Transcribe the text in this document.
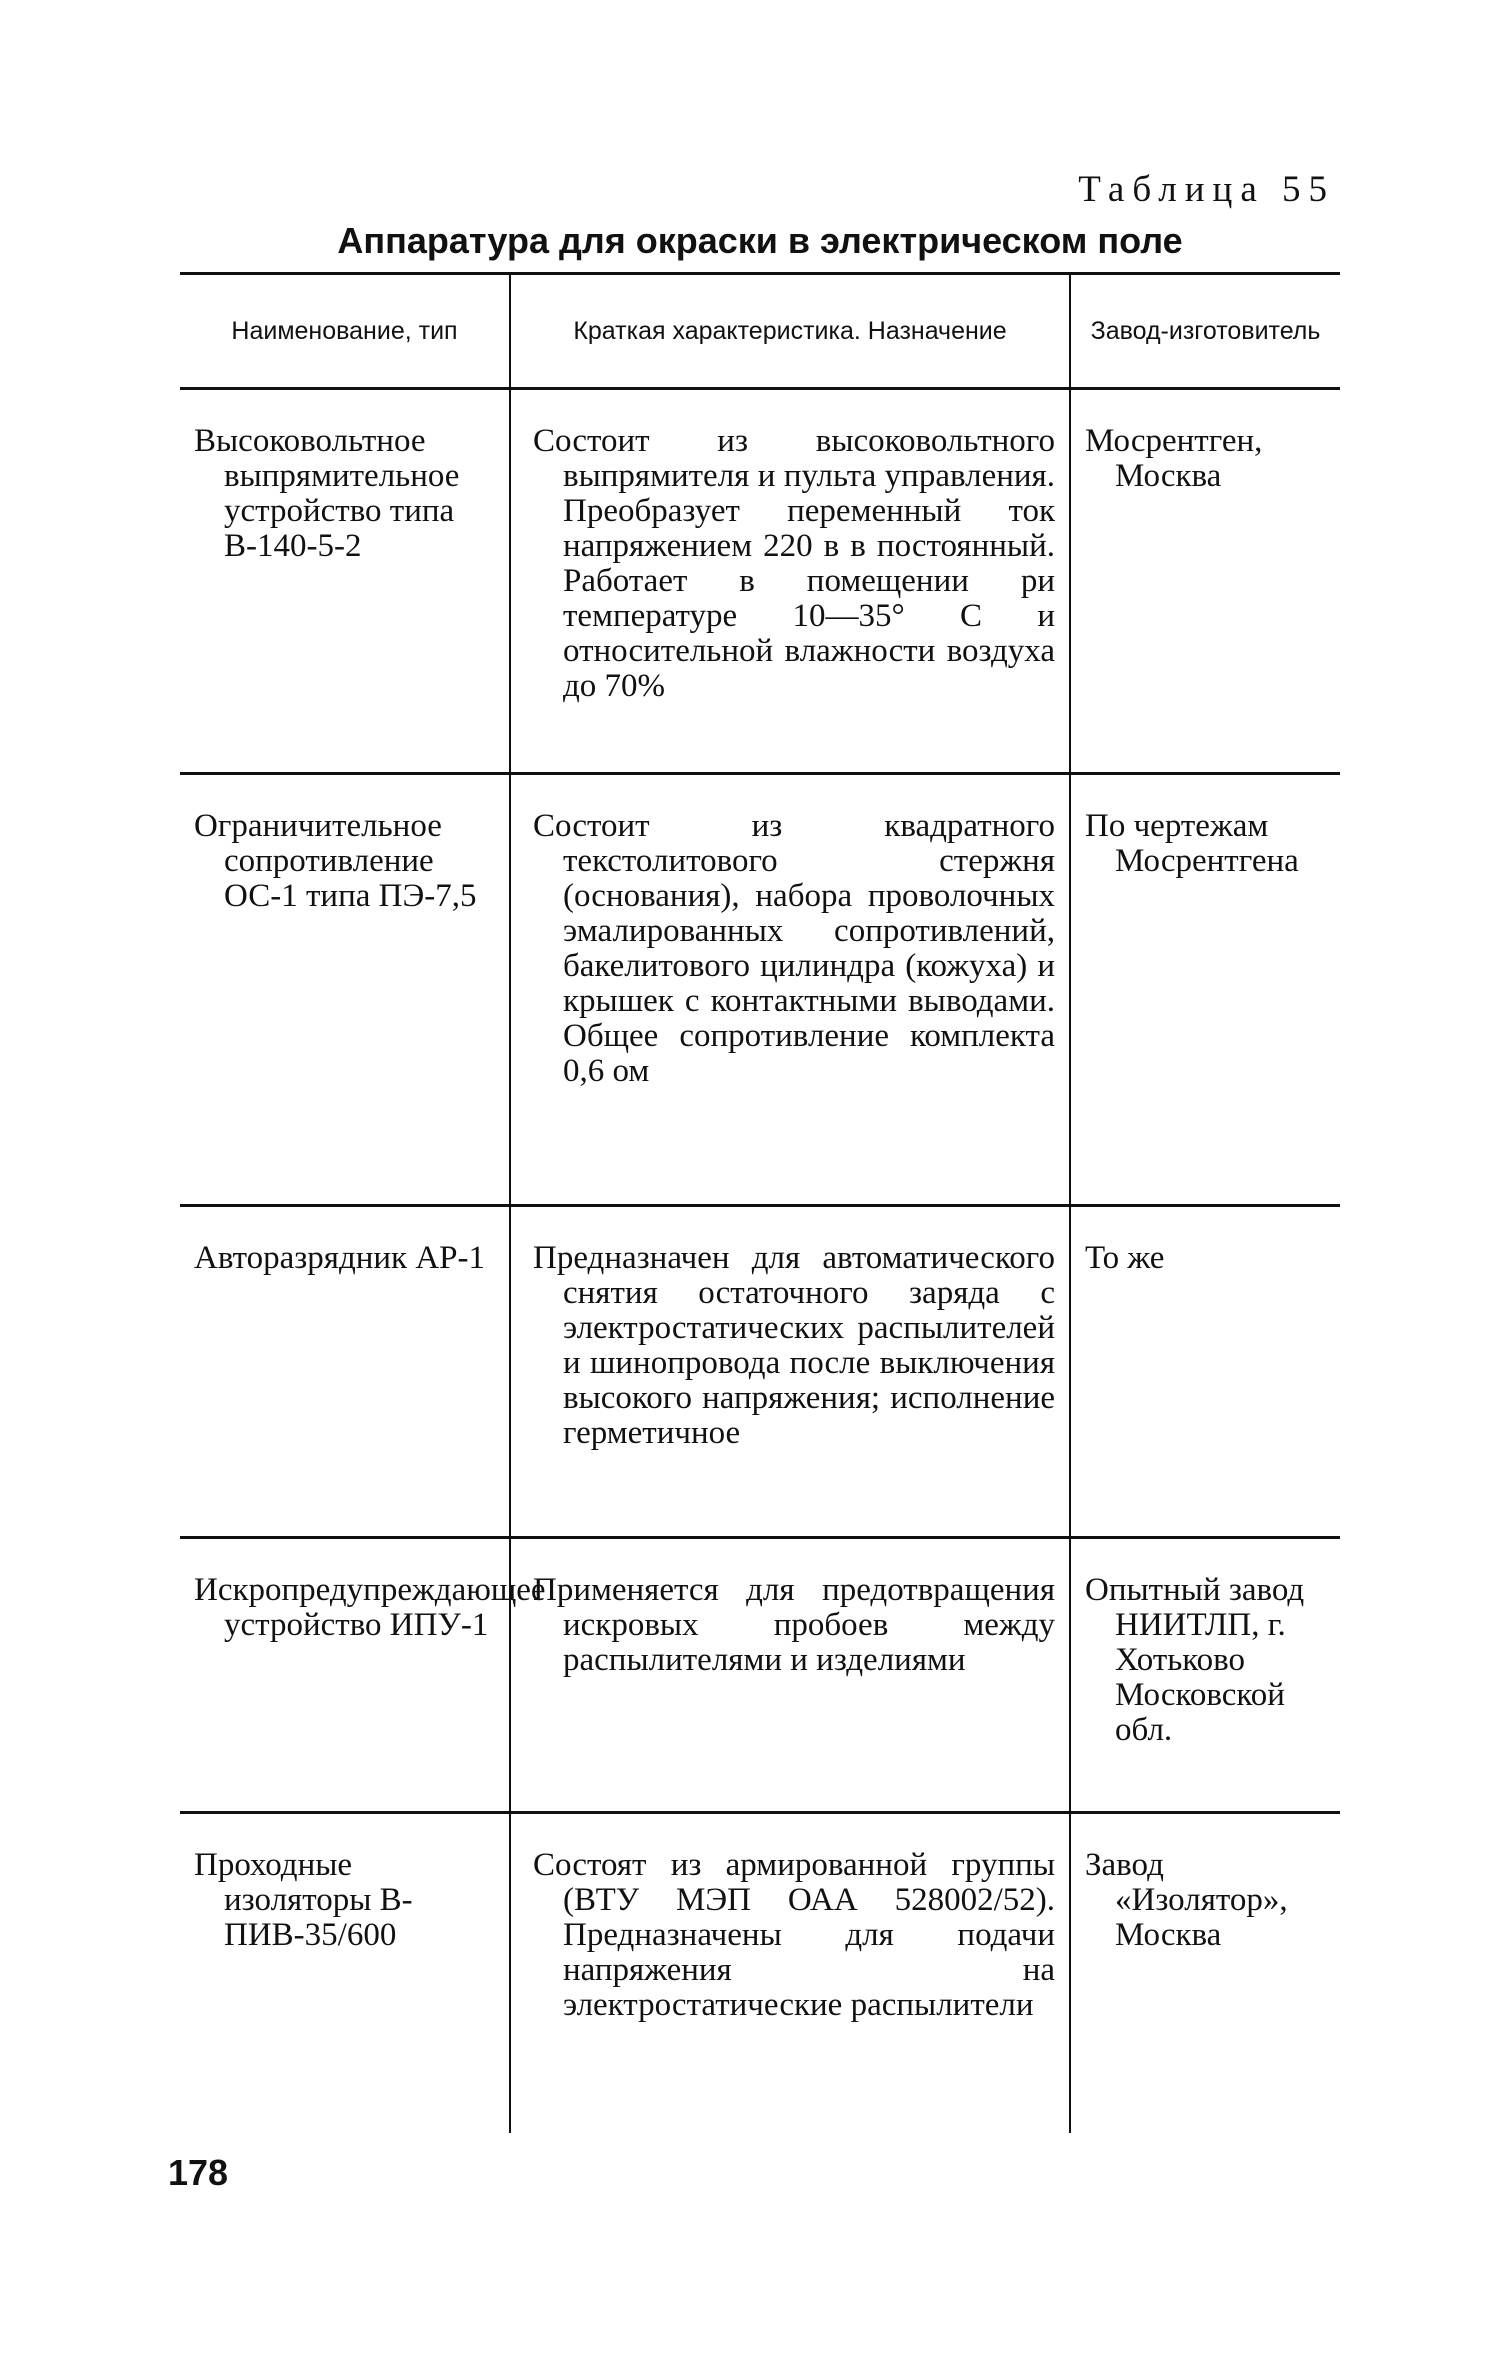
Таблица 55
Аппаратура для окраски в электрическом поле
Наименование, тип	Краткая характеристика. Назначение	Завод-изготовитель

Высоковольтное выпрямительное устройство типа В-140-5-2	Состоит из высоковольтного выпрямителя и пульта управления. Преобразует переменный ток напряжением 220 в в постоянный. Работает в помещении ри температуре 10—35° С и относительной влажности воздуха до 70%	Мосрентген, Москва

Ограничительное сопротивление ОС-1 типа ПЭ-7,5	Состоит из квадратного текстолитового стержня (основания), набора проволочных эмалированных сопротивлений, бакелитового цилиндра (кожуха) и крышек с контактными выводами. Общее сопротивление комплекта 0,6 ом	По чертежам Мосрентгена

Авторазрядник АР-1	Предназначен для автоматического снятия остаточного заряда с электростатических распылителей и шинопровода после выключения высокого напряжения; исполнение герметичное	То же

Искропредупреждающее устройство ИПУ-1	Применяется для предотвращения искровых пробоев между распылителями и изделиями	Опытный завод НИИТЛП, г. Хотьково Московской обл.

Проходные изоляторы В-ПИВ-35/600	Состоят из армированной группы (ВТУ МЭП ОАА 528002/52). Предназначены для подачи напряжения на электростатические распылители	Завод «Изолятор», Москва
178
